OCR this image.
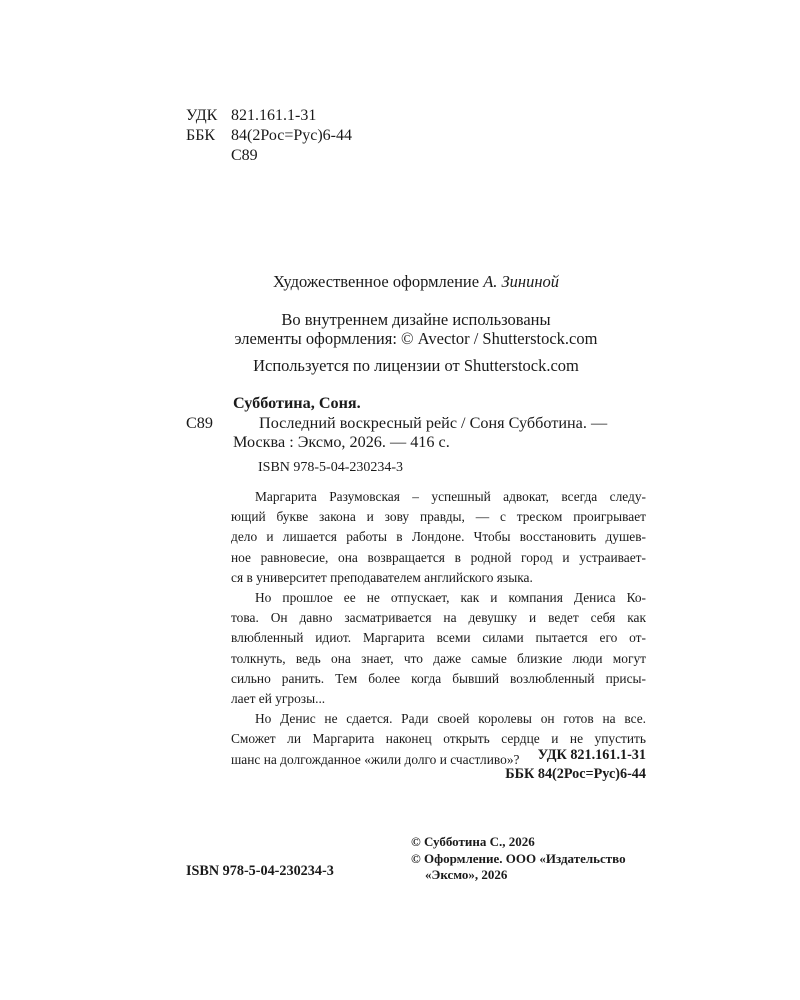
УДК 821.161.1-31
ББК 84(2Рос=Рус)6-44
С89
Художественное оформление А. Зининой
Во внутреннем дизайне использованы
элементы оформления: © Avector / Shutterstock.com
Используется по лицензии от Shutterstock.com
Субботина, Соня.
С89	Последний воскресный рейс / Соня Субботина. —
Москва : Эксмо, 2026. — 416 с.
ISBN 978-5-04-230234-3

Маргарита Разумовская – успешный адвокат, всегда следу-
ющий букве закона и зову правды, — с треском проигрывает
дело и лишается работы в Лондоне. Чтобы восстановить душев-
ное равновесие, она возвращается в родной город и устраивает-
ся в университет преподавателем английского языка.

Но прошлое ее не отпускает, как и компания Дениса Ко-
това. Он давно засматривается на девушку и ведет себя как
влюбленный идиот. Маргарита всеми силами пытается его от-
толкнуть, ведь она знает, что даже самые близкие люди могут
сильно ранить. Тем более когда бывший возлюбленный присы-
лает ей угрозы...

Но Денис не сдается. Ради своей королевы он готов на все.
Сможет ли Маргарита наконец открыть сердце и не упустить
шанс на долгожданное «жили долго и счастливо»?	УДК 821.161.1-31
ББК 84(2Рос=Рус)6-44
ISBN 978-5-04-230234-3
© Субботина С., 2026
© Оформление. ООО «Издательство
«Эксмо», 2026
